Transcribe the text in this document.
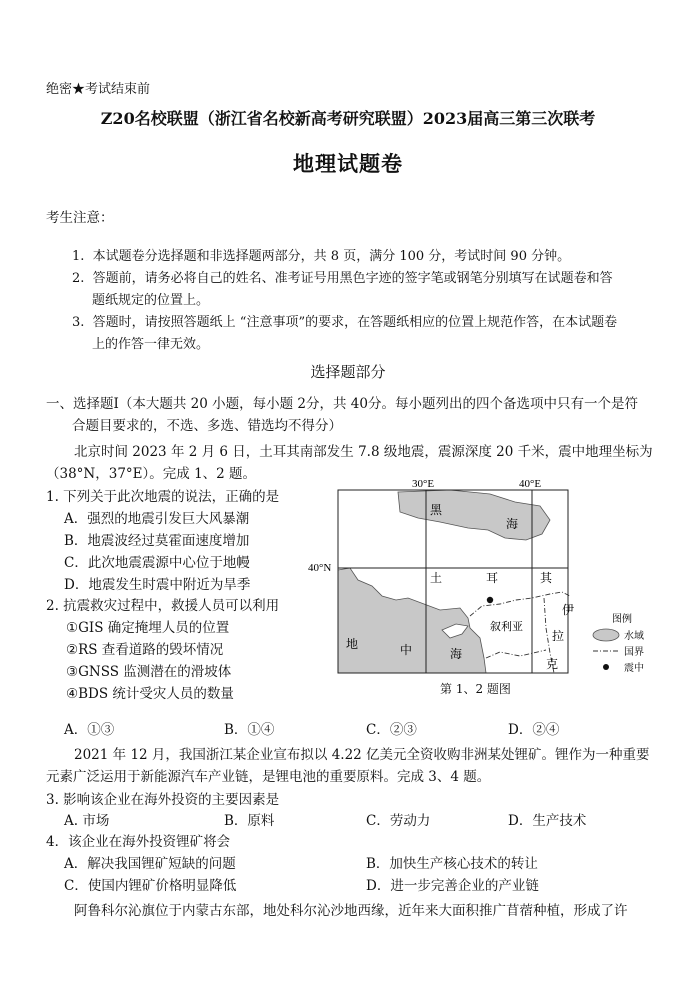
绝密★考试结束前
Z20名校联盟（浙江省名校新高考研究联盟）2023届高三第三次联考
地理试题卷
考生注意：
1. 本试题卷分选择题和非选择题两部分，共 8 页，满分 100 分，考试时间 90 分钟。
2. 答题前，请务必将自己的姓名、准考证号用黑色字迹的签字笔或钢笔分别填写在试题卷和答
题纸规定的位置上。
3. 答题时，请按照答题纸上 “注意事项”的要求，在答题纸相应的位置上规范作答，在本试题卷
上的作答一律无效。
选择题部分
一、选择题Ⅰ（本大题共 20 小题，每小题 2分，共 40分。每小题列出的四个备选项中只有一个是符
合题目要求的，不选、多选、错选均不得分）
北京时间 2023 年 2 月 6 日，土耳其南部发生 7.8 级地震，震源深度 20 千米，震中地理坐标为
（38°N，37°E）。完成 1、2 题。
1. 下列关于此次地震的说法，正确的是
A．强烈的地震引发巨大风暴潮
B．地震波经过莫霍面速度增加
C．此次地震震源中心位于地幔
D．地震发生时震中附近为旱季
2. 抗震救灾过程中，救援人员可以利用
①GIS 确定掩埋人员的位置
②RS 查看道路的毁坏情况
③GNSS 监测潜在的滑坡体
④BDS 统计受灾人员的数量
30°E	40°E
40°N
黑
海
土	耳	其
地	中	海
叙利亚
伊
拉
克
图例
水域
国界
震中
第 1、2 题图
A．①③	B．①④	C．②③	D．②④
2021 年 12 月，我国浙江某企业宣布拟以 4.22 亿美元全资收购非洲某处锂矿。锂作为一种重要
元素广泛运用于新能源汽车产业链，是锂电池的重要原料。完成 3、4 题。
3. 影响该企业在海外投资的主要因素是
A. 市场	B．原料	C．劳动力	D．生产技术
4．该企业在海外投资锂矿将会
A．解决我国锂矿短缺的问题	B．加快生产核心技术的转让
C．使国内锂矿价格明显降低	D．进一步完善企业的产业链
阿鲁科尔沁旗位于内蒙古东部，地处科尔沁沙地西缘，近年来大面积推广苜蓿种植，形成了许
